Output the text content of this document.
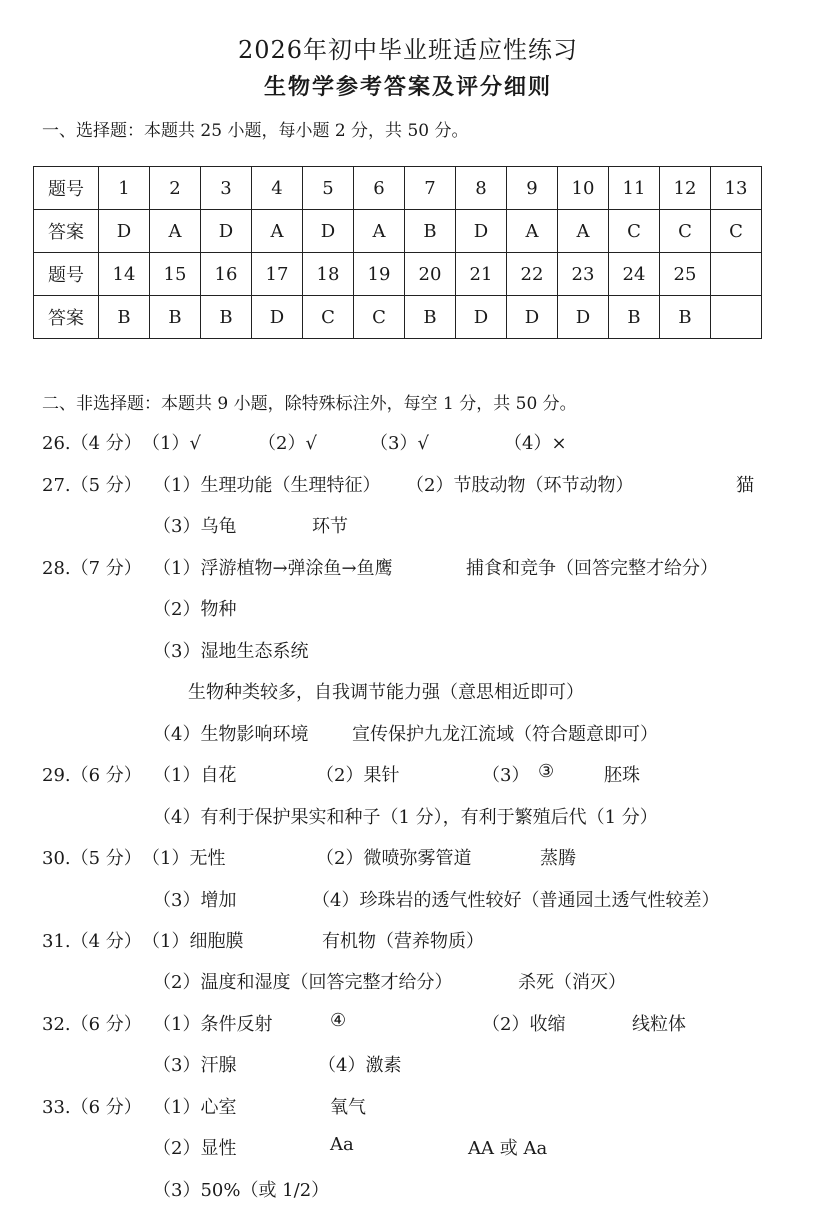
2026年初中毕业班适应性练习
生物学参考答案及评分细则
一、选择题：本题共 25 小题，每小题 2 分，共 50 分。
题号	1	2	3	4	5	6	7	8	9	10	11	12	13
答案	D	A	D	A	D	A	B	D	A	A	C	C	C
题号	14	15	16	17	18	19	20	21	22	23	24	25	
答案	B	B	B	D	C	C	B	D	D	D	B	B	
二、非选择题：本题共 9 小题，除特殊标注外，每空 1 分，共 50 分。
26.（4 分） （1）√	（2）√	（3）√	（4）×
27.（5 分） （1）生理功能（生理特征） （2）节肢动物（环节动物）	猫
（3）乌龟	环节
28.（7 分） （1）浮游植物→弹涂鱼→鱼鹰	捕食和竞争（回答完整才给分）
（2）物种
（3）湿地生态系统
生物种类较多，自我调节能力强（意思相近即可）
（4）生物影响环境 宣传保护九龙江流域（符合题意即可）
29.（6 分） （1）自花	（2）果针	（3） ③	胚珠
（4）有利于保护果实和种子（1 分），有利于繁殖后代（1 分）
30.（5 分） （1）无性	（2）微喷弥雾管道	蒸腾
（3）增加	（4）珍珠岩的透气性较好（普通园土透气性较差）
31.（4 分） （1）细胞膜	有机物（营养物质）
（2）温度和湿度（回答完整才给分）	杀死（消灭）
32.（6 分） （1）条件反射	④	（2）收缩	线粒体
（3）汗腺	（4）激素
33.（6 分） （1）心室	氧气
（2）显性	Aa	AA 或 Aa
（3）50%（或 1/2）
